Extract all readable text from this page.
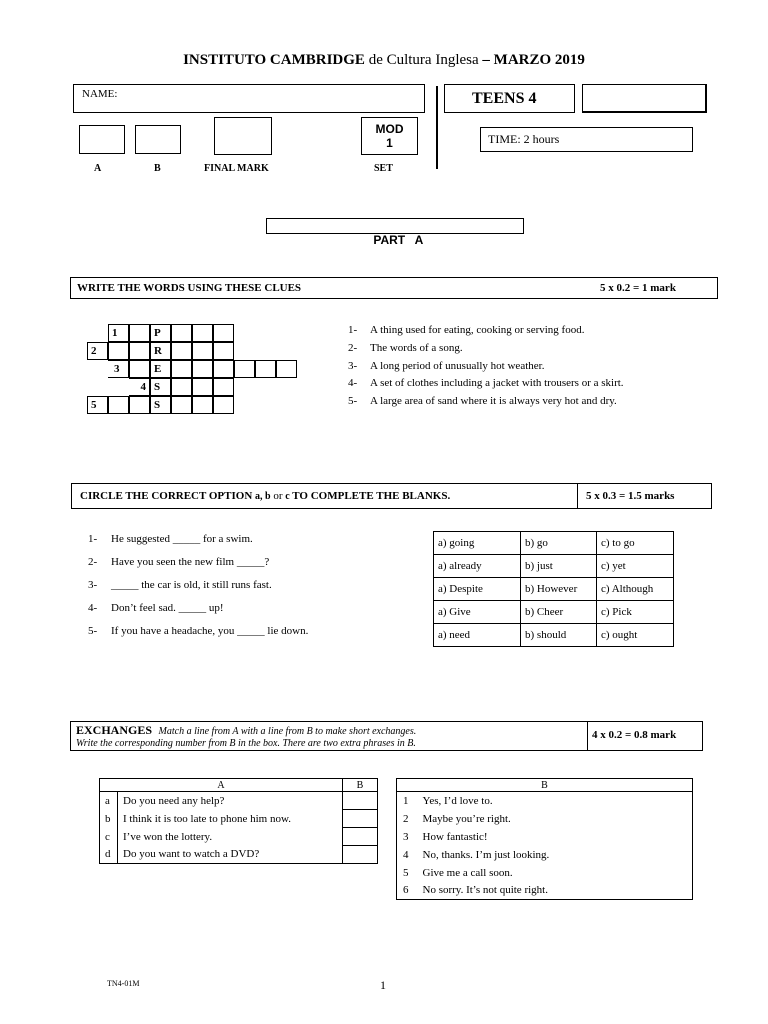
INSTITUTO CAMBRIDGE de Cultura Inglesa – MARZO 2019
NAME:	TEENS 4
MOD
1
A	B	FINAL MARK	SET
TIME: 2 hours

PART   A

WRITE THE WORDS USING THESE CLUES	5 x 0.2 = 1 mark
1	P
2	R
3	E
4 S
5	S
1- A thing used for eating, cooking or serving food.
2- The words of a song.
3- A long period of unusually hot weather.
4- A set of clothes including a jacket with trousers or a skirt.
5- A large area of sand where it is always very hot and dry.
CIRCLE THE CORRECT OPTION a, b or c TO COMPLETE THE BLANKS.	5 x 0.3 = 1.5 marks
1- He suggested _____ for a swim.
2- Have you seen the new film _____?
3- _____ the car is old, it still runs fast.
4- Don’t feel sad. _____ up!
5- If you have a headache, you _____ lie down.
a) going	b) go	c) to go
a) already	b) just	c) yet
a) Despite	b) However	c) Although
a) Give	b) Cheer	c) Pick
a) need	b) should	c) ought
EXCHANGES Match a line from A with a line from B to make short exchanges.
Write the corresponding number from B in the box. There are two extra phrases in B.
4 x 0.2 = 0.8 mark
A		B
a	Do you need any help?	
b	I think it is too late to phone him now.	
c	I’ve won the lottery.	
d	Do you want to watch a DVD?	
B	
1	Yes, I’d love to.
2	Maybe you’re right.
3	How fantastic!
4	No, thanks. I’m just looking.
5	Give me a call soon.
6	No sorry. It’s not quite right.
TN4-01M	1
